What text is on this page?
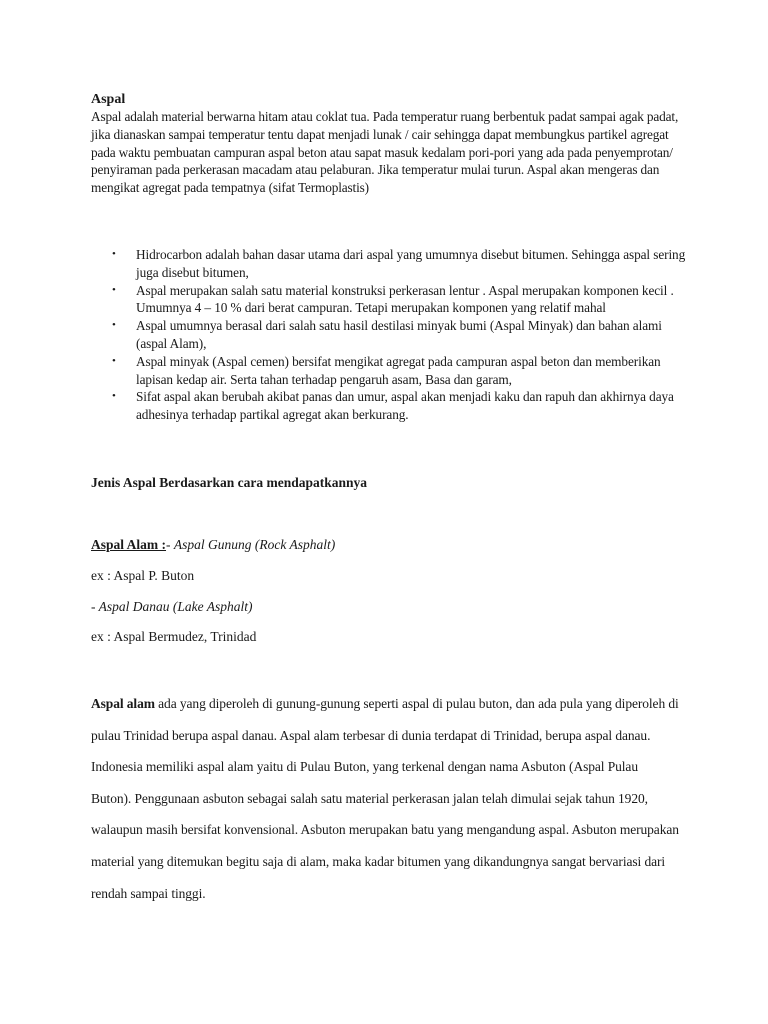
Aspal

Aspal adalah material berwarna hitam atau coklat tua. Pada temperatur ruang berbentuk padat sampai agak padat, jika dianaskan sampai temperatur tentu dapat menjadi lunak / cair sehingga dapat membungkus partikel agregat pada waktu pembuatan campuran aspal beton atau sapat masuk kedalam pori-pori yang ada pada penyemprotan/ penyiraman pada perkerasan macadam atau pelaburan. Jika temperatur mulai turun. Aspal akan mengeras dan mengikat agregat pada tempatnya (sifat Termoplastis)

• Hidrocarbon adalah bahan dasar utama dari aspal yang umumnya disebut bitumen. Sehingga aspal sering juga disebut bitumen,
• Aspal merupakan salah satu material konstruksi perkerasan lentur . Aspal merupakan komponen kecil . Umumnya 4 – 10 % dari berat campuran. Tetapi merupakan komponen yang relatif mahal
• Aspal umumnya berasal dari salah satu hasil destilasi minyak bumi (Aspal Minyak) dan bahan alami (aspal Alam),
• Aspal minyak (Aspal cemen) bersifat mengikat agregat pada campuran aspal beton dan memberikan lapisan kedap air. Serta tahan terhadap pengaruh asam, Basa dan garam,
• Sifat aspal akan berubah akibat panas dan umur, aspal akan menjadi kaku dan rapuh dan akhirnya daya adhesinya terhadap partikal agregat akan berkurang.

Jenis Aspal Berdasarkan cara mendapatkannya

Aspal Alam :- Aspal Gunung (Rock Asphalt)

ex : Aspal P. Buton

- Aspal Danau (Lake Asphalt)

ex : Aspal Bermudez, Trinidad

Aspal alam ada yang diperoleh di gunung-gunung seperti aspal di pulau buton, dan ada pula yang diperoleh di pulau Trinidad berupa aspal danau. Aspal alam terbesar di dunia terdapat di Trinidad, berupa aspal danau. Indonesia memiliki aspal alam yaitu di Pulau Buton, yang terkenal dengan nama Asbuton (Aspal Pulau Buton). Penggunaan asbuton sebagai salah satu material perkerasan jalan telah dimulai sejak tahun 1920, walaupun masih bersifat konvensional. Asbuton merupakan batu yang mengandung aspal. Asbuton merupakan material yang ditemukan begitu saja di alam, maka kadar bitumen yang dikandungnya sangat bervariasi dari rendah sampai tinggi.
